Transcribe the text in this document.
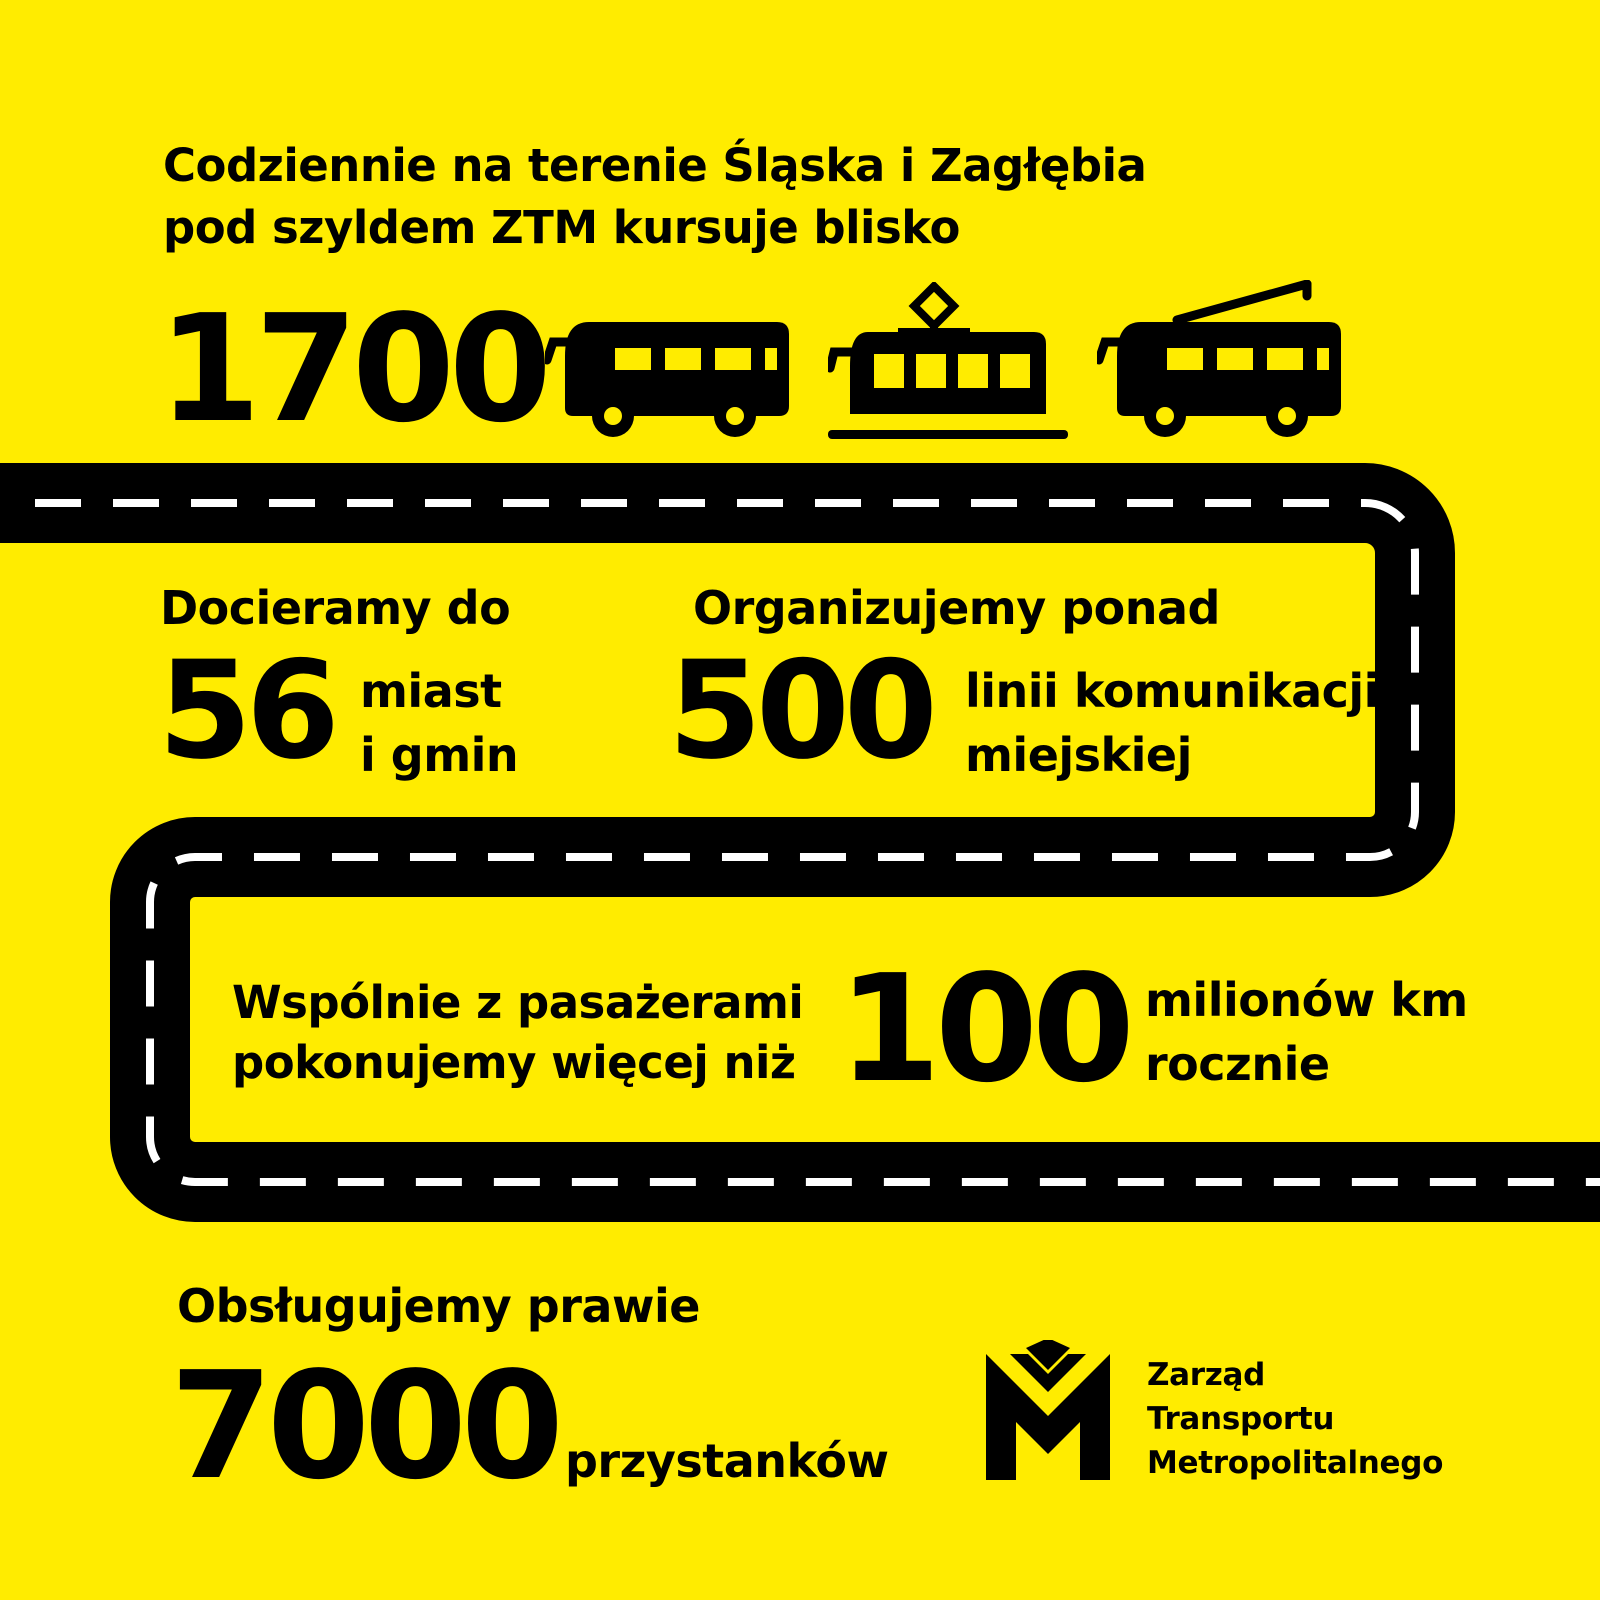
Codziennie na terenie Śląska i Zagłębia
pod szyldem ZTM kursuje blisko
1700
Docieramy do
56 miast
i gmin
Organizujemy ponad
500 linii komunikacji
miejskiej
Wspólnie z pasażerami
pokonujemy więcej niż 100 milionów km
rocznie
Obsługujemy prawie
7000 przystanków
Zarząd
Transportu
Metropolitalnego
